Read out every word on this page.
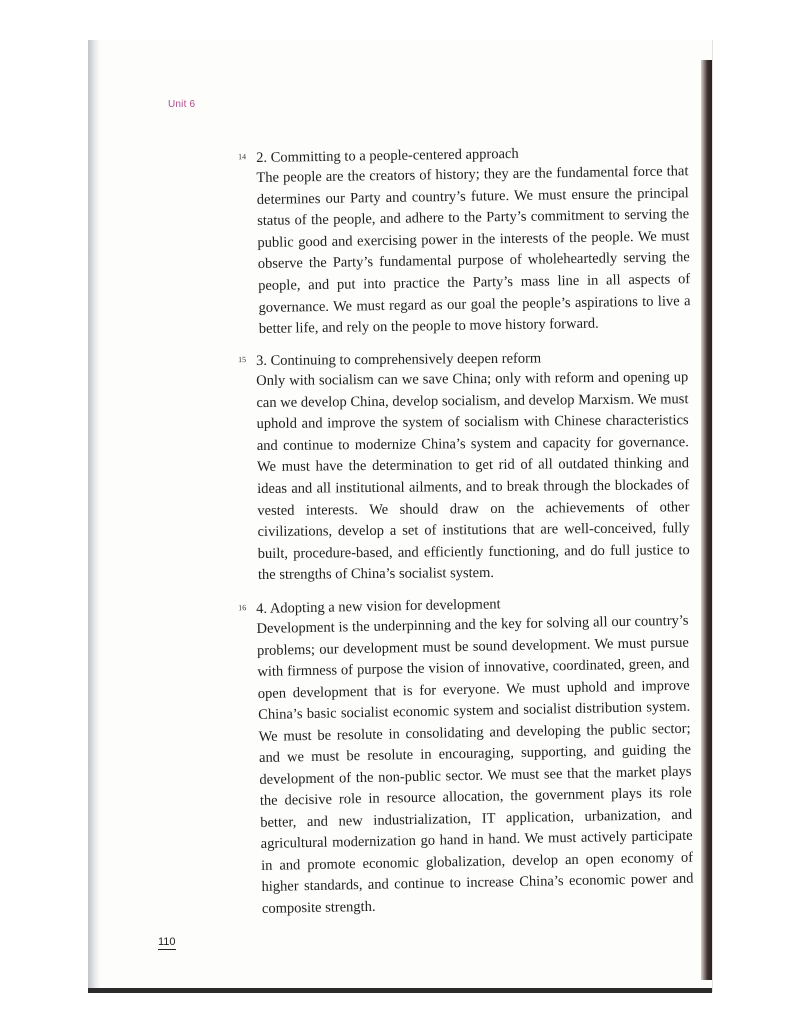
Unit 6
14 2. Committing to a people-centered approach

The people are the creators of history; they are the fundamental force that determines our Party and country’s future. We must ensure the principal status of the people, and adhere to the Party’s commitment to serving the public good and exercising power in the interests of the people. We must observe the Party’s fundamental purpose of wholeheartedly serving the people, and put into practice the Party’s mass line in all aspects of governance. We must regard as our goal the people’s aspirations to live a better life, and rely on the people to move history forward.

15 3. Continuing to comprehensively deepen reform

Only with socialism can we save China; only with reform and opening up can we develop China, develop socialism, and develop Marxism. We must uphold and improve the system of socialism with Chinese characteristics and continue to modernize China’s system and capacity for governance. We must have the determination to get rid of all outdated thinking and ideas and all institutional ailments, and to break through the blockades of vested interests. We should draw on the achievements of other civilizations, develop a set of institutions that are well-conceived, fully built, procedure-based, and efficiently functioning, and do full justice to the strengths of China’s socialist system.

16 4. Adopting a new vision for development

Development is the underpinning and the key for solving all our country’s problems; our development must be sound development. We must pursue with firmness of purpose the vision of innovative, coordinated, green, and open development that is for everyone. We must uphold and improve China’s basic socialist economic system and socialist distribution system. We must be resolute in consolidating and developing the public sector; and we must be resolute in encouraging, supporting, and guiding the development of the non-public sector. We must see that the market plays the decisive role in resource allocation, the government plays its role better, and new industrialization, IT application, urbanization, and agricultural modernization go hand in hand. We must actively participate in and promote economic globalization, develop an open economy of higher standards, and continue to increase China’s economic power and composite strength.

110
